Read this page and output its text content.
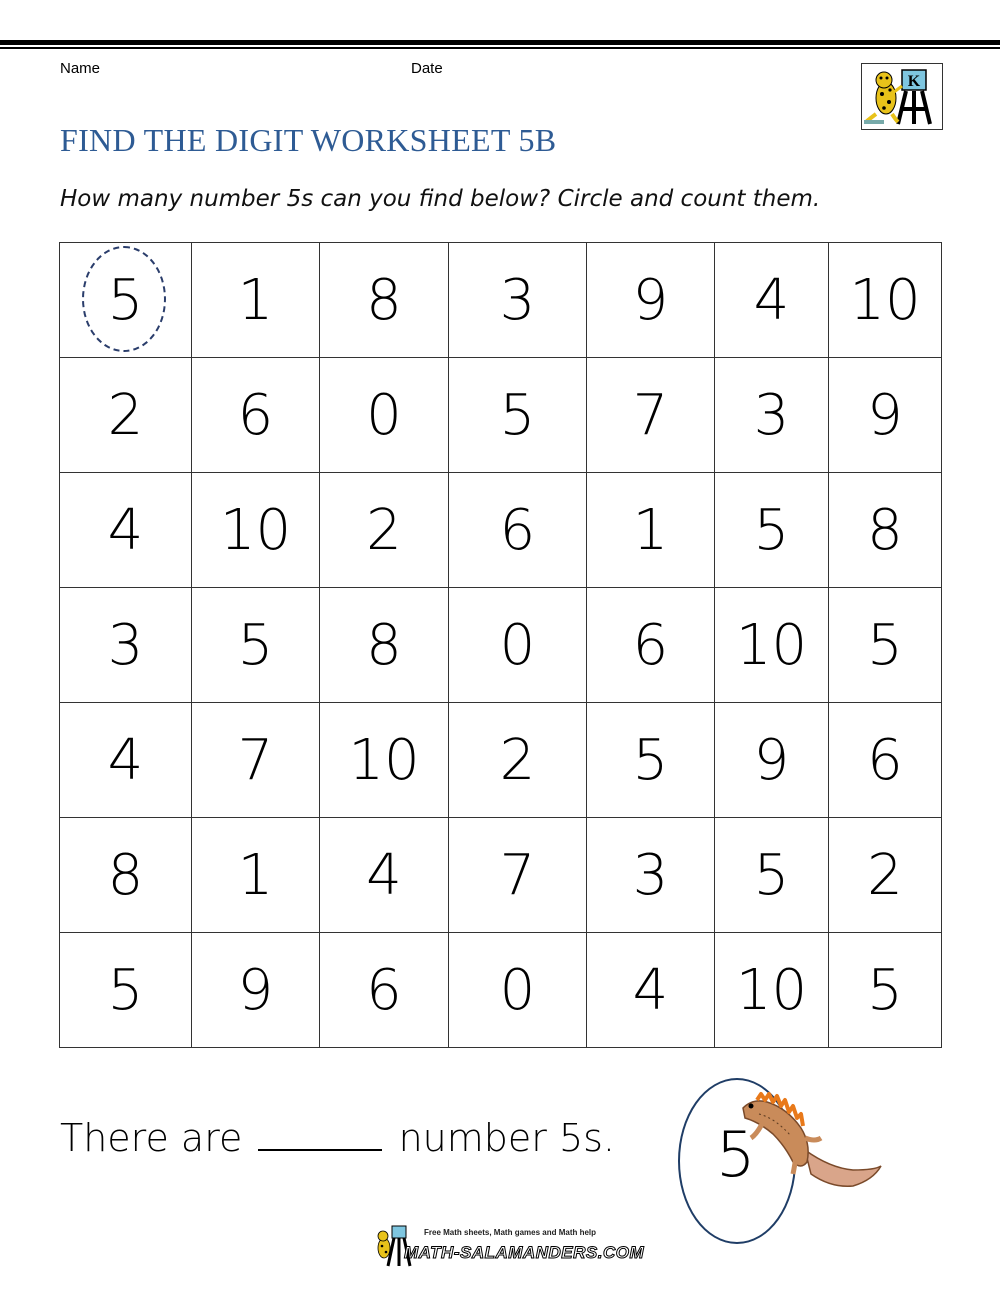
Name	Date
K
FIND THE DIGIT WORKSHEET 5B
How many number 5s can you find below? Circle and count them.
5	1	8	3	9	4	10
2	6	0	5	7	3	9
4	10	2	6	1	5	8
3	5	8	0	6	10	5
4	7	10	2	5	9	6
8	1	4	7	3	5	2
5	9	6	0	4	10	5
There are	number 5s. 5
Free Math sheets, Math games and Math help
MATH-SALAMANDERS.COM
